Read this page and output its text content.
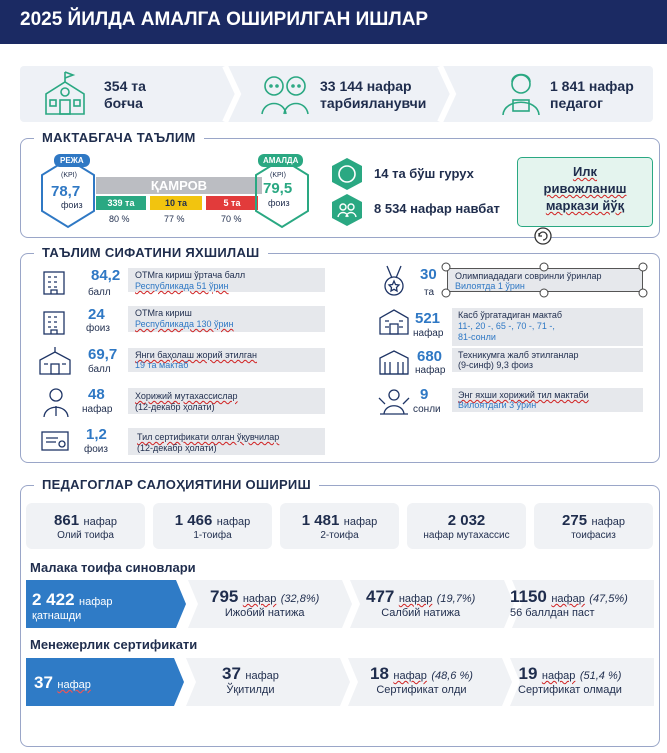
2025 ЙИЛДА АМАЛГА ОШИРИЛГАН ИШЛАР
354 та
боғча
33 144 нафар
тарбияланувчи
1 841 нафар
педагог
МАКТАБГАЧА ТАЪЛИМ
РЕЖА
(KPI)
78,7
фоиз
ҚАМРОВ
339 та	10 та	5 та
80 %	77 %	70 %
АМАЛДА
(KPI)
79,5
фоиз
14 та бўш гурух
8 534 нафар навбат
Илк ривожланиш маркази йўқ
ТАЪЛИМ СИФАТИНИ ЯХШИЛАШ
84,2
балл
ОТМга кириш ўртача балл
Республикада 51 ўрин
24
фоиз
ОТМга кириш
Республикада 130 ўрин
69,7
балл
Янги баҳолаш жорий этилган
19 та мактаб
48
нафар
Хорижий мутахассислар
(12-декабр ҳолати)
1,2
фоиз
Тил сертификати олган ўқувчилар
(12-декабр ҳолати)
30
та
Олимпиададаги совринли ўринлар
Вилоятда 1 ўрин
521
нафар
Касб ўргатадиган мактаб
11-, 20 -, 65 -, 70 -, 71 -,
81-сонли
680
нафар
Техникумга жалб этилганлар
(9-синф) 9,3 фоиз
9
сонли
Энг яхши хорижий тил мактаби
Вилоятдаги 3 ўрин
ПЕДАГОГЛАР САЛОҲИЯТИНИ ОШИРИШ
861 нафар
Олий тоифа
1 466 нафар
1-тоифа
1 481 нафар
2-тоифа
2 032
нафар мутахассис
275 нафар
тоифасиз
Малака тоифа синовлари
2 422 нафар
қатнашди
795 нафар (32,8%)
Ижобий натижа
477 нафар (19,7%)
Салбий натижа
1150 нафар (47,5%)
56 баллдан паст
Менежерлик сертификати
37 нафар
37 нафар
Ўқитилди
18 нафар (48,6 %)
Сертификат олди
19 нафар (51,4 %)
Сертификат олмади
